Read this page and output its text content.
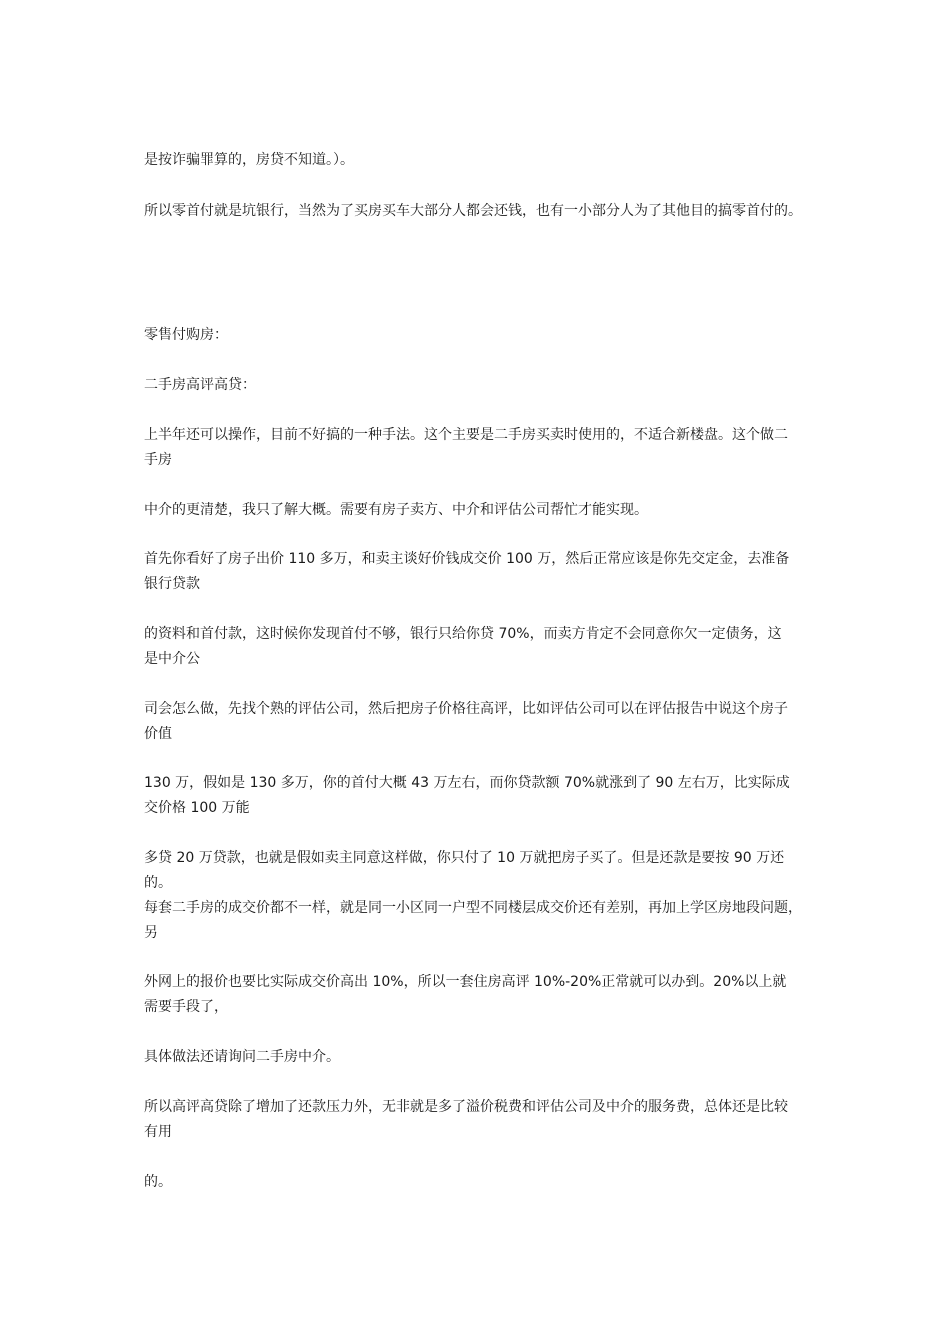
是按诈骗罪算的，房贷不知道。）。

所以零首付就是坑银行，当然为了买房买车大部分人都会还钱，也有一小部分人为了其他目的搞零首付的。

零售付购房：

二手房高评高贷：

上半年还可以操作，目前不好搞的一种手法。这个主要是二手房买卖时使用的，不适合新楼盘。这个做二
手房

中介的更清楚，我只了解大概。需要有房子卖方、中介和评估公司帮忙才能实现。

首先你看好了房子出价 110 多万，和卖主谈好价钱成交价 100 万，然后正常应该是你先交定金，去准备
银行贷款

的资料和首付款，这时候你发现首付不够，银行只给你贷 70%，而卖方肯定不会同意你欠一定债务，这
是中介公

司会怎么做，先找个熟的评估公司，然后把房子价格往高评，比如评估公司可以在评估报告中说这个房子
价值

130 万，假如是 130 多万，你的首付大概 43 万左右，而你贷款额 70%就涨到了 90 左右万，比实际成
交价格 100 万能

多贷 20 万贷款，也就是假如卖主同意这样做，你只付了 10 万就把房子买了。但是还款是要按 90 万还的。

每套二手房的成交价都不一样，就是同一小区同一户型不同楼层成交价还有差别，再加上学区房地段问题，
另

外网上的报价也要比实际成交价高出 10%，所以一套住房高评 10%-20%正常就可以办到。20%以上就
需要手段了，

具体做法还请询问二手房中介。

所以高评高贷除了增加了还款压力外，无非就是多了溢价税费和评估公司及中介的服务费，总体还是比较
有用

的。
